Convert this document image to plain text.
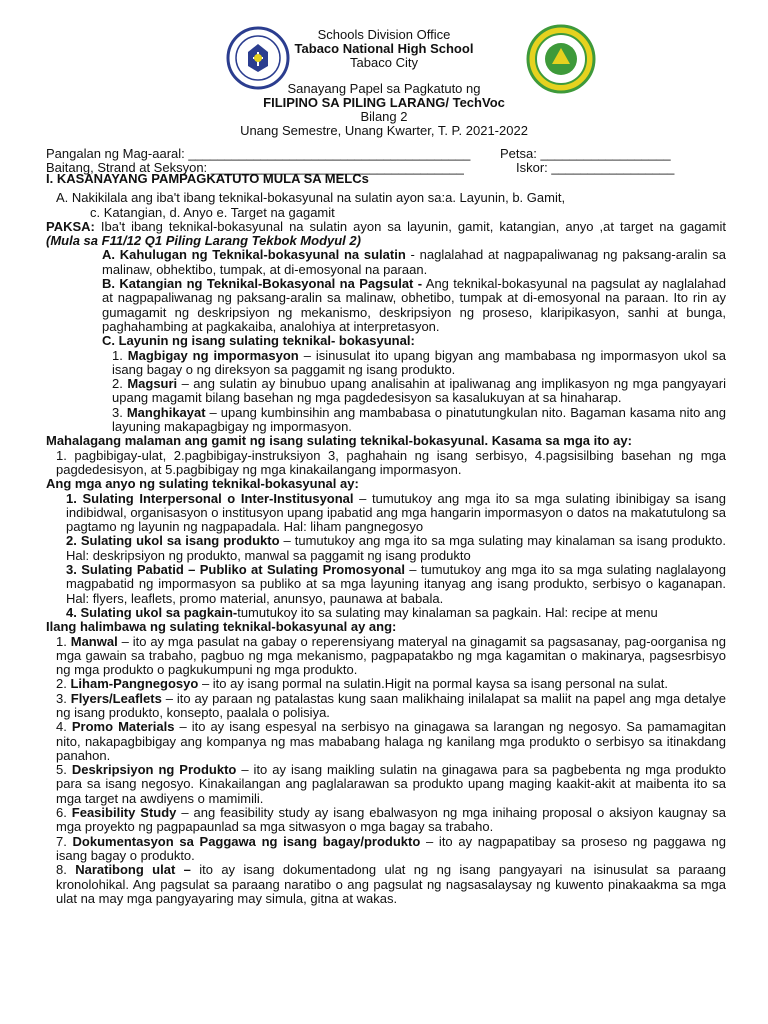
Schools Division Office
Tabaco National High School
Tabaco City
Sanayang Papel sa Pagkatuto ng
FILIPINO SA PILING LARANG/ TechVoc
Bilang 2
Unang Semestre, Unang Kwarter, T. P. 2021-2022
Pangalan ng Mag-aaral: _______________________________________ Petsa: __________________
Baitang, Strand at Seksyon: ___________________________________	Iskor: _________________

I. KASANAYANG PAMPAGKATUTO MULA SA MELCs

A. Nakikilala ang iba't ibang teknikal-bokasyunal na sulatin ayon sa:a. Layunin, b. Gamit,

c. Katangian, d. Anyo e. Target na gagamit

PAKSA: Iba't ibang teknikal-bokasyunal na sulatin ayon sa layunin, gamit, katangian, anyo ,at target na gagamit (Mula sa F11/12 Q1 Piling Larang Tekbok Modyul 2)

A. Kahulugan ng Teknikal-bokasyunal na sulatin - naglalahad at nagpapaliwanag ng paksang-aralin sa malinaw, obhektibo, tumpak, at di-emosyonal na paraan.

B. Katangian ng Teknikal-Bokasyonal na Pagsulat - Ang teknikal-bokasyunal na pagsulat ay naglalahad at nagpapaliwanag ng paksang-aralin sa malinaw, obhetibo, tumpak at di-emosyonal na paraan. Ito rin ay gumagamit ng deskripsiyon ng mekanismo, deskripsiyon ng proseso, klaripikasyon, sanhi at bunga, paghahambing at pagkakaiba, analohiya at interpretasyon.

C. Layunin ng isang sulating teknikal- bokasyunal:

1. Magbigay ng impormasyon – isinusulat ito upang bigyan ang mambabasa ng impormasyon ukol sa isang bagay o ng direksyon sa paggamit ng isang produkto.

2. Magsuri – ang sulatin ay binubuo upang analisahin at ipaliwanag ang implikasyon ng mga pangyayari upang magamit bilang basehan ng mga pagdedesisyon sa kasalukuyan at sa hinaharap.

3. Manghikayat – upang kumbinsihin ang mambabasa o pinatutungkulan nito. Bagaman kasama nito ang layuning makapagbigay ng impormasyon.

Mahalagang malaman ang gamit ng isang sulating teknikal-bokasyunal. Kasama sa mga ito ay:

1. pagbibigay-ulat, 2.pagbibigay-instruksiyon 3, paghahain ng isang serbisyo, 4.pagsisilbing basehan ng mga pagdedesisyon, at 5.pagbibigay ng mga kinakailangang impormasyon.

Ang mga anyo ng sulating teknikal-bokasyunal ay:

1. Sulating Interpersonal o Inter-Institusyonal – tumutukoy ang mga ito sa mga sulating ibinibigay sa isang indibidwal, organisasyon o institusyon upang ipabatid ang mga hangarin impormasyon o datos na makatutulong sa pagtamo ng layunin ng nagpapadala. Hal: liham pangnegosyo

2. Sulating ukol sa isang produkto – tumutukoy ang mga ito sa mga sulating may kinalaman sa isang produkto. Hal: deskripsiyon ng produkto, manwal sa paggamit ng isang produkto

3. Sulating Pabatid – Publiko at Sulating Promosyonal – tumutukoy ang mga ito sa mga sulating naglalayong magpabatid ng impormasyon sa publiko at sa mga layuning itanyag ang isang produkto, serbisyo o kaganapan. Hal: flyers, leaflets, promo material, anunsyo, paunawa at babala.

4. Sulating ukol sa pagkain-tumutukoy ito sa sulating may kinalaman sa pagkain. Hal: recipe at menu

Ilang halimbawa ng sulating teknikal-bokasyunal ay ang:

1. Manwal – ito ay mga pasulat na gabay o reperensiyang materyal na ginagamit sa pagsasanay, pag-oorganisa ng mga gawain sa trabaho, pagbuo ng mga mekanismo, pagpapatakbo ng mga kagamitan o makinarya, pagsesrbisyo ng mga produkto o pagkukumpuni ng mga produkto.

2. Liham-Pangnegosyo – ito ay isang pormal na sulatin.Higit na pormal kaysa sa isang personal na sulat.

3. Flyers/Leaflets – ito ay paraan ng patalastas kung saan malikhaing inilalapat sa maliit na papel ang mga detalye ng isang produkto, konsepto, paalala o polisiya.

4. Promo Materials – ito ay isang espesyal na serbisyo na ginagawa sa larangan ng negosyo. Sa pamamagitan nito, nakapagbibigay ang kompanya ng mas mababang halaga ng kanilang mga produkto o serbisyo sa itinakdang panahon.

5. Deskripsiyon ng Produkto – ito ay isang maikling sulatin na ginagawa para sa pagbebenta ng mga produkto para sa isang negosyo. Kinakailangan ang paglalarawan sa produkto upang maging kaakit-akit at maibenta ito sa mga target na awdiyens o mamimili.

6. Feasibility Study – ang feasibility study ay isang ebalwasyon ng mga inihaing proposal o aksiyon kaugnay sa mga proyekto ng pagpapaunlad sa mga sitwasyon o mga bagay sa trabaho.

7. Dokumentasyon sa Paggawa ng isang bagay/produkto – ito ay nagpapatibay sa proseso ng paggawa ng isang bagay o produkto.

8. Naratibong ulat – ito ay isang dokumentadong ulat ng ng isang pangyayari na isinusulat sa paraang kronolohikal. Ang pagsulat sa paraang naratibo o ang pagsulat ng nagsasalaysay ng kuwento pinakaakma sa mga ulat na may mga pangyayaring may simula, gitna at wakas.
